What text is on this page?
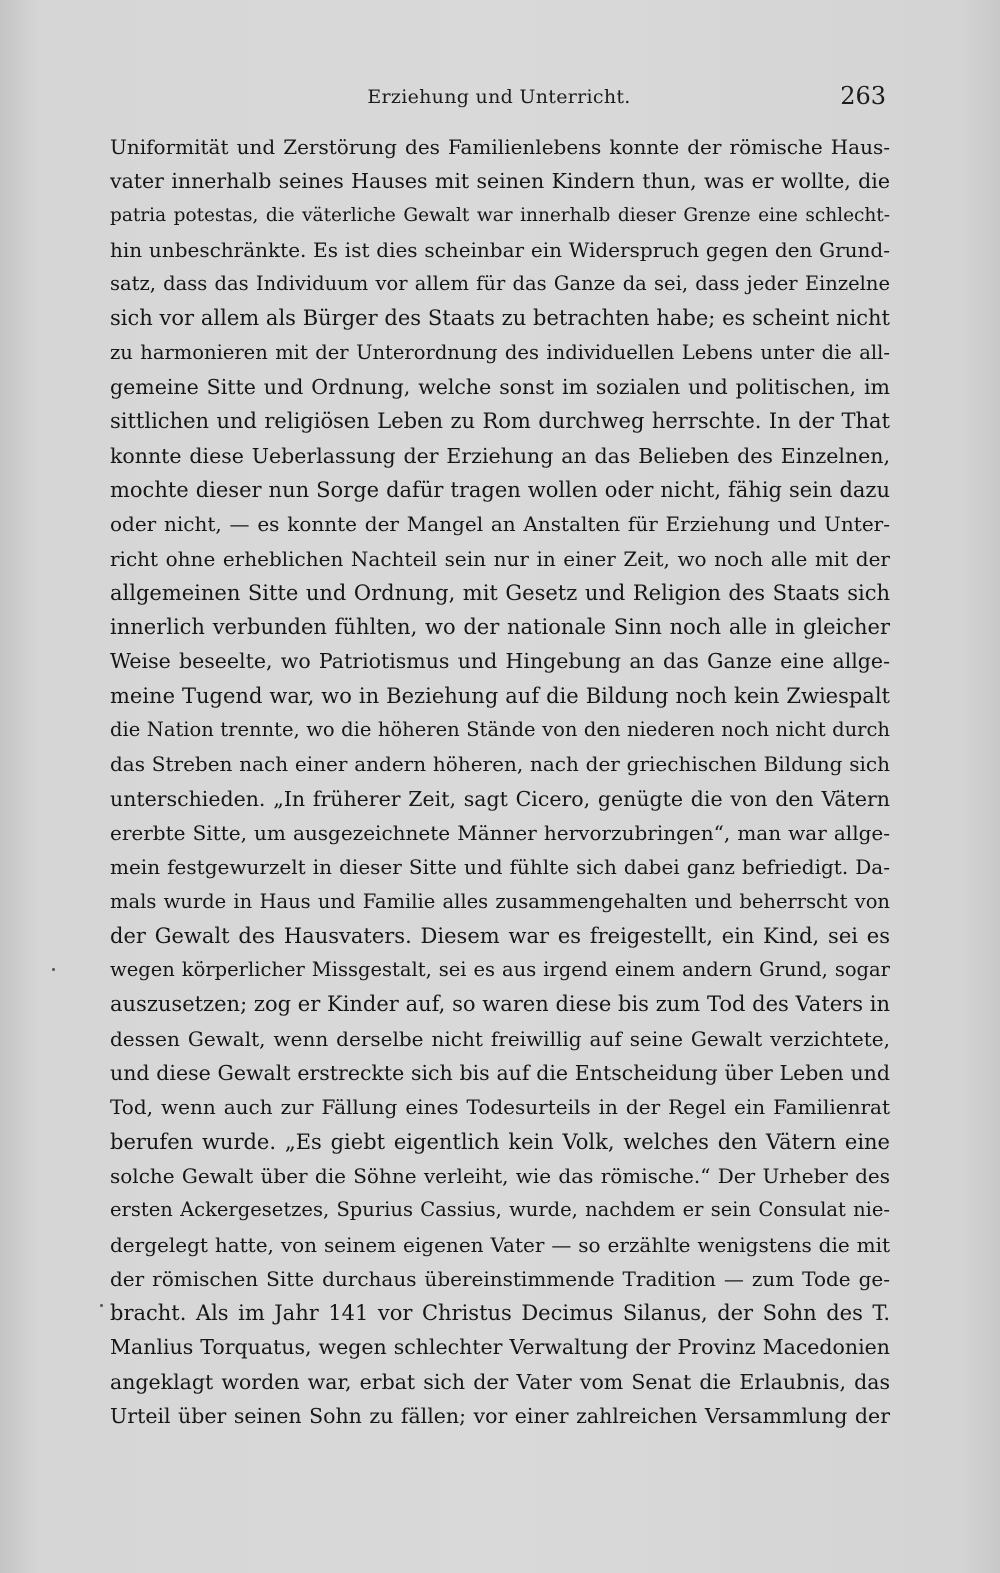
Erziehung und Unterricht.	263
Uniformität und Zerstörung des Familienlebens konnte der römische Haus-
vater innerhalb seines Hauses mit seinen Kindern thun, was er wollte, die
patria potestas, die väterliche Gewalt war innerhalb dieser Grenze eine schlecht-
hin unbeschränkte. Es ist dies scheinbar ein Widerspruch gegen den Grund-
satz, dass das Individuum vor allem für das Ganze da sei, dass jeder Einzelne
sich vor allem als Bürger des Staats zu betrachten habe; es scheint nicht
zu harmonieren mit der Unterordnung des individuellen Lebens unter die all-
gemeine Sitte und Ordnung, welche sonst im sozialen und politischen, im
sittlichen und religiösen Leben zu Rom durchweg herrschte. In der That
konnte diese Ueberlassung der Erziehung an das Belieben des Einzelnen,
mochte dieser nun Sorge dafür tragen wollen oder nicht, fähig sein dazu
oder nicht, — es konnte der Mangel an Anstalten für Erziehung und Unter-
richt ohne erheblichen Nachteil sein nur in einer Zeit, wo noch alle mit der
allgemeinen Sitte und Ordnung, mit Gesetz und Religion des Staats sich
innerlich verbunden fühlten, wo der nationale Sinn noch alle in gleicher
Weise beseelte, wo Patriotismus und Hingebung an das Ganze eine allge-
meine Tugend war, wo in Beziehung auf die Bildung noch kein Zwiespalt
die Nation trennte, wo die höheren Stände von den niederen noch nicht durch
das Streben nach einer andern höheren, nach der griechischen Bildung sich
unterschieden. „In früherer Zeit, sagt Cicero, genügte die von den Vätern
ererbte Sitte, um ausgezeichnete Männer hervorzubringen“, man war allge-
mein festgewurzelt in dieser Sitte und fühlte sich dabei ganz befriedigt. Da-
mals wurde in Haus und Familie alles zusammengehalten und beherrscht von
der Gewalt des Hausvaters. Diesem war es freigestellt, ein Kind, sei es
wegen körperlicher Missgestalt, sei es aus irgend einem andern Grund, sogar
auszusetzen; zog er Kinder auf, so waren diese bis zum Tod des Vaters in
dessen Gewalt, wenn derselbe nicht freiwillig auf seine Gewalt verzichtete,
und diese Gewalt erstreckte sich bis auf die Entscheidung über Leben und
Tod, wenn auch zur Fällung eines Todesurteils in der Regel ein Familienrat
berufen wurde. „Es giebt eigentlich kein Volk, welches den Vätern eine
solche Gewalt über die Söhne verleiht, wie das römische.“ Der Urheber des
ersten Ackergesetzes, Spurius Cassius, wurde, nachdem er sein Consulat nie-
dergelegt hatte, von seinem eigenen Vater — so erzählte wenigstens die mit
der römischen Sitte durchaus übereinstimmende Tradition — zum Tode ge-
bracht. Als im Jahr 141 vor Christus Decimus Silanus, der Sohn des T.
Manlius Torquatus, wegen schlechter Verwaltung der Provinz Macedonien
angeklagt worden war, erbat sich der Vater vom Senat die Erlaubnis, das
Urteil über seinen Sohn zu fällen; vor einer zahlreichen Versammlung der
